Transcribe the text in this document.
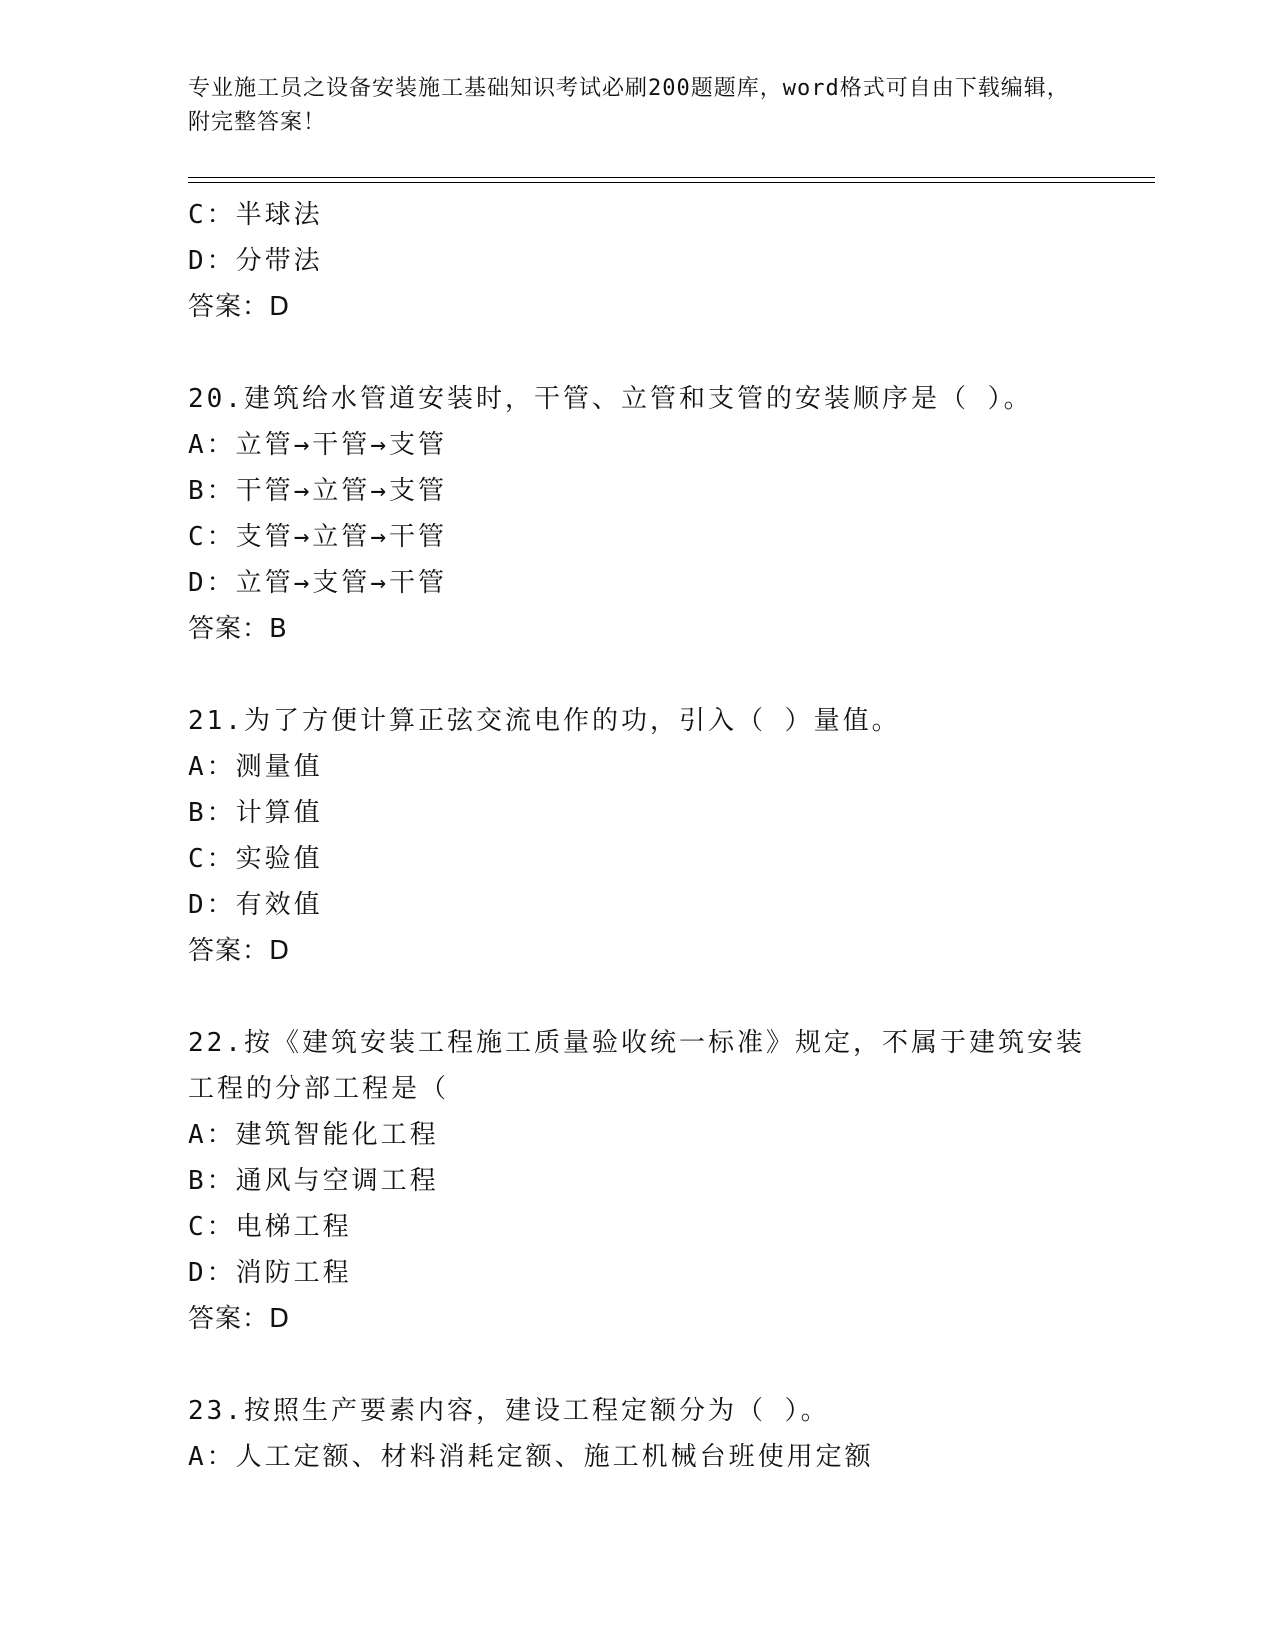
专业施工员之设备安装施工基础知识考试必刷200题题库，word格式可自由下载编辑，附完整答案！
C：半球法
D：分带法
答案：D
20.建筑给水管道安装时，干管、立管和支管的安装顺序是（ ）。
A：立管→干管→支管
B：干管→立管→支管
C：支管→立管→干管
D：立管→支管→干管
答案：B
21.为了方便计算正弦交流电作的功，引入（ ）量值。
A：测量值
B：计算值
C：实验值
D：有效值
答案：D
22.按《建筑安装工程施工质量验收统一标准》规定，不属于建筑安装工程的分部工程是（
A：建筑智能化工程
B：通风与空调工程
C：电梯工程
D：消防工程
答案：D
23.按照生产要素内容，建设工程定额分为（ ）。
A：人工定额、材料消耗定额、施工机械台班使用定额
